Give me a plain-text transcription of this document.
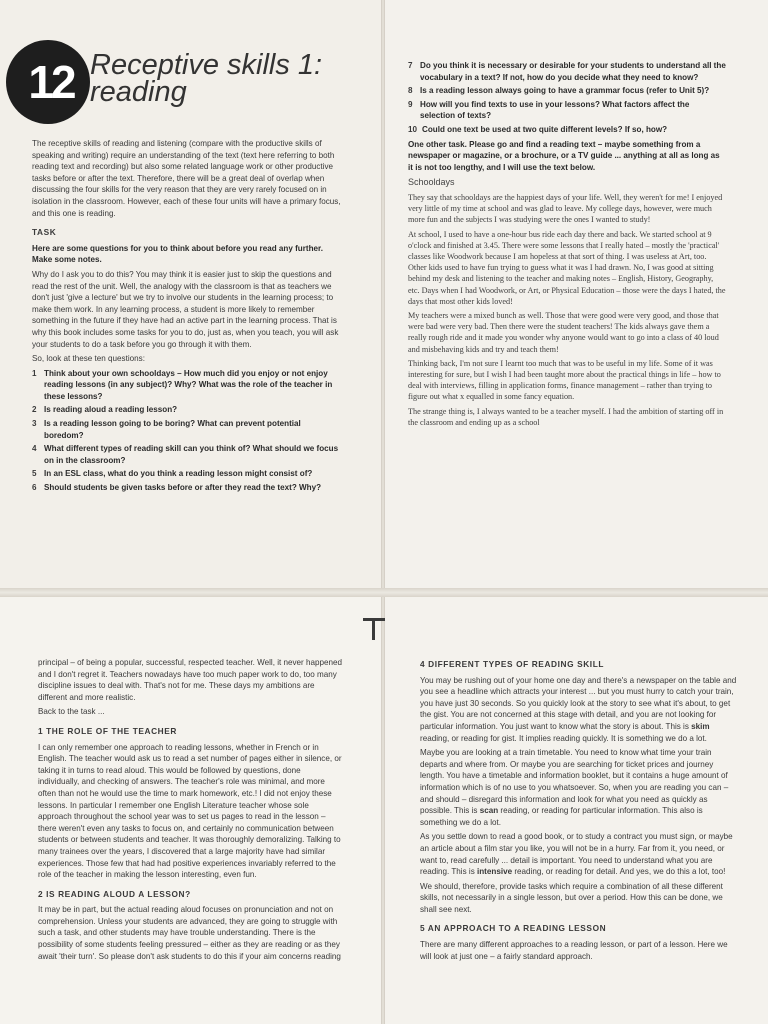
12 Receptive skills 1:
reading

The receptive skills of reading and listening (compare with the productive skills of speaking and writing) require an understanding of the text (text here referring to both reading text and recording) but also some related language work or other productive tasks before or after the text. Therefore, there will be a great deal of overlap when discussing the four skills for the very reason that they are very rarely focused on in isolation in the classroom. However, each of these four units will have a primary focus, and this one is reading.

TASK

Here are some questions for you to think about before you read any further. Make some notes.

Why do I ask you to do this? You may think it is easier just to skip the questions and read the rest of the unit. Well, the analogy with the classroom is that as teachers we don't just 'give a lecture' but we try to involve our students in the learning process; to make them work. In any learning process, a student is more likely to remember something in the future if they have had an active part in the learning process. That is why this book includes some tasks for you to do, just as, when you teach, you will ask your students to do a task before you go through it with them.

So, look at these ten questions:

1 Think about your own schooldays – How much did you enjoy or not enjoy reading lessons (in any subject)? Why? What was the role of the teacher in these lessons?
2 Is reading aloud a reading lesson?
3 Is a reading lesson going to be boring? What can prevent potential boredom?
4 What different types of reading skill can you think of? What should we focus on in the classroom?
5 In an ESL class, what do you think a reading lesson might consist of?
6 Should students be given tasks before or after they read the text? Why?
7 Do you think it is necessary or desirable for your students to understand all the vocabulary in a text? If not, how do you decide what they need to know?
8 Is a reading lesson always going to have a grammar focus (refer to Unit 5)?
9 How will you find texts to use in your lessons? What factors affect the selection of texts?
10 Could one text be used at two quite different levels? If so, how?

One other task. Please go and find a reading text – maybe something from a newspaper or magazine, or a brochure, or a TV guide ... anything at all as long as it is not too lengthy, and I will use the text below.

Schooldays

They say that schooldays are the happiest days of your life. Well, they weren't for me! I enjoyed very little of my time at school and was glad to leave. My college days, however, were much more fun and the subjects I was studying were the ones I wanted to study!

At school, I used to have a one-hour bus ride each day there and back. We started school at 9 o'clock and finished at 3.45. There were some lessons that I really hated – mostly the 'practical' classes like Woodwork because I am hopeless at that sort of thing. I was useless at Art, too. Other kids used to have fun trying to guess what it was I had drawn. No, I was good at sitting behind my desk and listening to the teacher and making notes – English, History, Geography, etc. Days when I had Woodwork, or Art, or Physical Education – those were the days I hated, the days that most other kids loved!

My teachers were a mixed bunch as well. Those that were good were very good, and those that were bad were very bad. Then there were the student teachers! The kids always gave them a really rough ride and it made you wonder why anyone would want to go into a class of 40 loud and misbehaving kids and try and teach them!

Thinking back, I'm not sure I learnt too much that was to be useful in my life. Some of it was interesting for sure, but I wish I had been taught more about the practical things in life – how to deal with interviews, filling in application forms, finance management – rather than trying to figure out what x equalled in some fancy equation.

The strange thing is, I always wanted to be a teacher myself. I had the ambition of starting off in the classroom and ending up as a school

principal – of being a popular, successful, respected teacher. Well, it never happened and I don't regret it. Teachers nowadays have too much paper work to do, too many discipline issues to deal with. That's not for me. These days my ambitions are different and more realistic.

Back to the task ...

1 THE ROLE OF THE TEACHER

I can only remember one approach to reading lessons, whether in French or in English. The teacher would ask us to read a set number of pages either in silence, or taking it in turns to read aloud. This would be followed by questions, done individually, and checking of answers. The teacher's role was minimal, and more often than not he would use the time to mark homework, etc.! I did not enjoy these lessons. In particular I remember one English Literature teacher whose sole approach throughout the school year was to set us pages to read in the lesson – there weren't even any tasks to focus on, and certainly no communication between students or between students and teacher. It was thoroughly demoralizing. Talking to many trainees over the years, I discovered that a large majority have had similar experiences. Those few that had had positive experiences invariably referred to the role of the teacher in making the lesson interesting, even fun.

2 IS READING ALOUD A LESSON?

It may be in part, but the actual reading aloud focuses on pronunciation and not on comprehension. Unless your students are advanced, they are going to struggle with such a task, and other students may have trouble understanding. There is the possibility of some students feeling pressured – either as they are reading or as they await 'their turn'. So please don't ask students to do this if your aim concerns reading

4 DIFFERENT TYPES OF READING SKILL

You may be rushing out of your home one day and there's a newspaper on the table and you see a headline which attracts your interest ... but you must hurry to catch your train, you have just 30 seconds. So you quickly look at the story to see what it's about, to get the gist. You are not concerned at this stage with detail, and you are not looking for particular information. You just want to know what the story is about. This is skim reading, or reading for gist. It implies reading quickly. It is something we do a lot.

Maybe you are looking at a train timetable. You need to know what time your train departs and where from. Or maybe you are searching for ticket prices and journey length. You have a timetable and information booklet, but it contains a huge amount of information which is of no use to you whatsoever. So, when you are reading you can – and should – disregard this information and look for what you need as quickly as possible. This is scan reading, or reading for particular information. This also is something we do a lot.

As you settle down to read a good book, or to study a contract you must sign, or maybe an article about a film star you like, you will not be in a hurry. Far from it, you need, or want to, read carefully ... detail is important. You need to understand what you are reading. This is intensive reading, or reading for detail. And yes, we do this a lot, too!

We should, therefore, provide tasks which require a combination of all these different skills, not necessarily in a single lesson, but over a period. How this can be done, we shall see next.

5 AN APPROACH TO A READING LESSON

There are many different approaches to a reading lesson, or part of a lesson. Here we will look at just one – a fairly standard approach.
